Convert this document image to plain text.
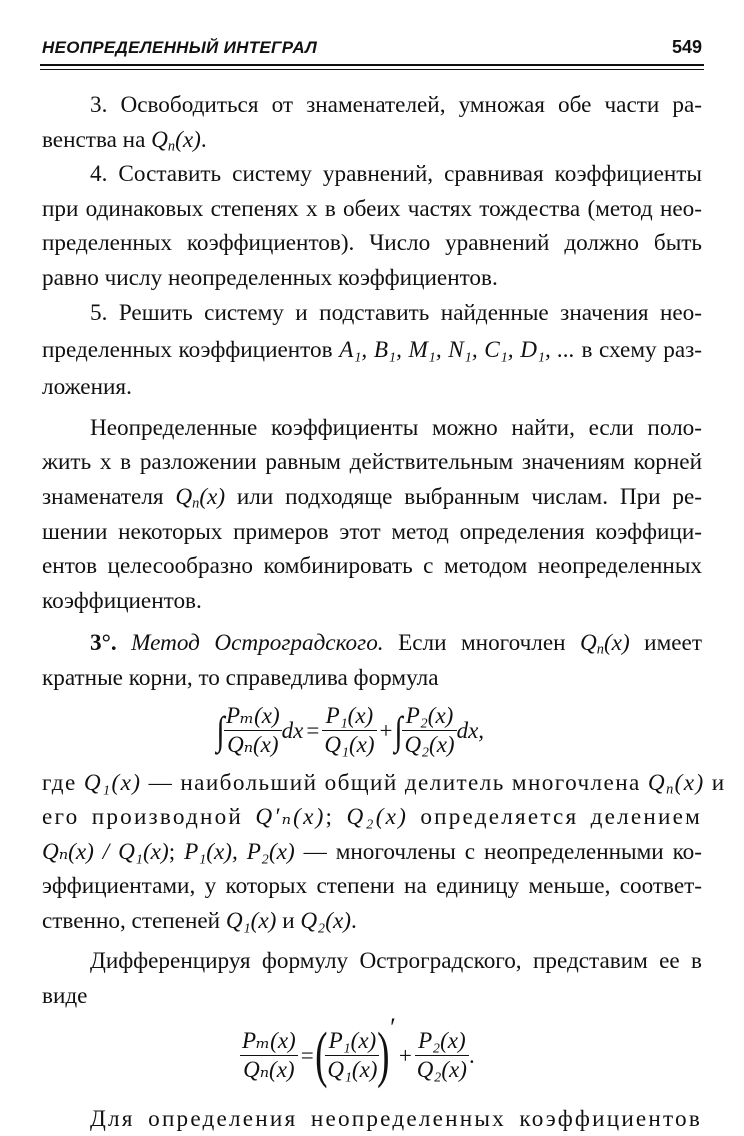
НЕОПРЕДЕЛЕННЫЙ ИНТЕГРАЛ	549

3. Освободиться от знаменателей, умножая обе части ра-

венства на $Q_n(x)$.

4. Составить систему уравнений, сравнивая коэффициенты

при одинаковых степенях x в обеих частях тождества (метод нео-

пределенных коэффициентов). Число уравнений должно быть

равно числу неопределенных коэффициентов.

5. Решить систему и подставить найденные значения нео-

пределенных коэффициентов A₁, B₁, M₁, N₁, C₁, D₁, ... в схему раз-

ложения.

Неопределенные коэффициенты можно найти, если поло-

жить x в разложении равным действительным значениям корней

знаменателя $Q_n(x)$ или подходяще выбранным числам. При ре-

шении некоторых примеров этот метод определения коэффици-

ентов целесообразно комбинировать с методом неопределенных

коэффициентов.

3°. Метод Остроградского. Если многочлен $Q_n(x)$ имеет

кратные корни, то справедлива формула

∫ $\frac{\text{Pₘ(x)}}{\text{Qₙ(x)}}$ dx = $\frac{\text{P₁(x)}}{\text{Q₁(x)}}$ + ∫ $\frac{\text{P₂(x)}}{\text{Q₂(x)}}$ dx,

где Q₁(x) — наибольший общий делитель многочлена $Q_n(x)$ и

его производной Q′ₙ(x); Q₂(x) определяется делением

Qₙ(x) / Q₁(x); P₁(x), P₂(x) — многочлены с неопределенными ко-

эффициентами, у которых степени на единицу меньше, соответ-

ственно, степеней Q₁(x) и Q₂(x).

Дифференцируя формулу Остроградского, представим ее в

виде

$\frac{\text{Pₘ(x)}}{\text{Qₙ(x)}}$ = (
$\frac{\text{P₁(x)}}{\text{Q₁(x)}}$
) ′
+ $\frac{\text{P₂(x)}}{\text{Q₂(x)}}$ .

Для определения неопределенных коэффициентов
